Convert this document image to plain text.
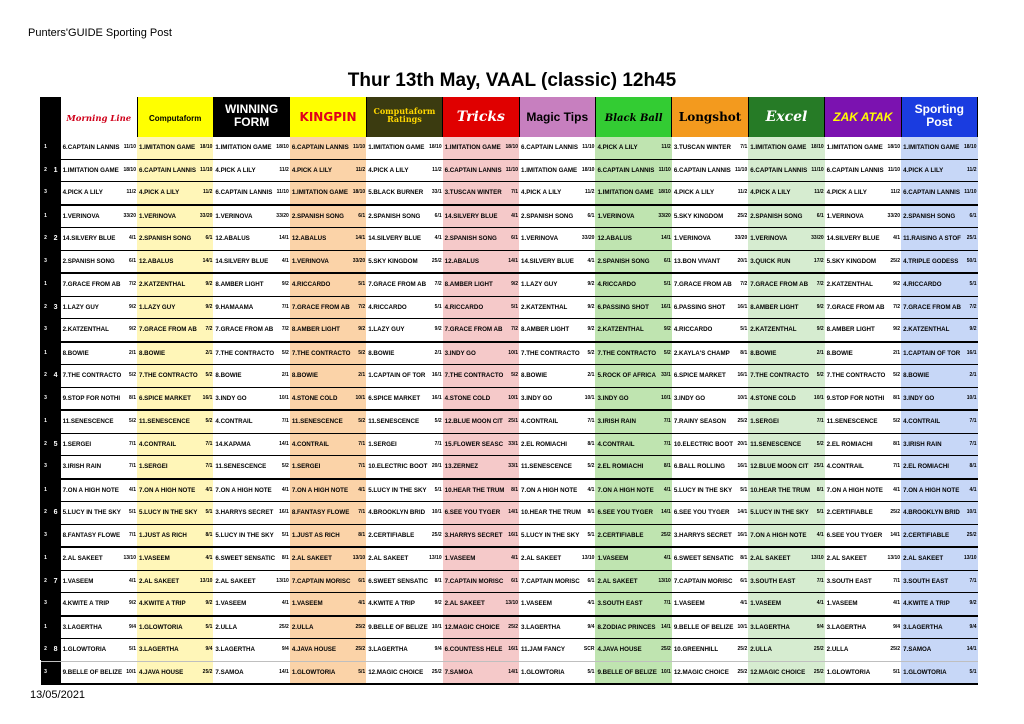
Punters'GUIDE Sporting Post
Thur 13th May, VAAL (classic) 12h45
		Morning Line	Computaform	WINNING FORM	KINGPIN	Computaform Ratings	Tricks	Magic Tips	Black Ball	Longshot	Excel	ZAK ATAK	Sporting Post
1		6.CAPTAIN LANNIS 11/10	1.IMITATION GAME 18/10	1.IMITATION GAME 18/10	6.CAPTAIN LANNIS 11/10	1.IMITATION GAME 18/10	1.IMITATION GAME 18/10	6.CAPTAIN LANNIS 11/10	4.PICK A LILY 11/2	3.TUSCAN WINTER 7/1	1.IMITATION GAME 18/10	1.IMITATION GAME 18/10	1.IMITATION GAME 18/10

2	1	1.IMITATION GAME 18/10	6.CAPTAIN LANNIS 11/10	4.PICK A LILY 11/2	4.PICK A LILY 11/2	4.PICK A LILY 11/2	6.CAPTAIN LANNIS 11/10	1.IMITATION GAME 18/10	6.CAPTAIN LANNIS 11/10	6.CAPTAIN LANNIS 11/10	6.CAPTAIN LANNIS 11/10	6.CAPTAIN LANNIS 11/10	4.PICK A LILY 11/2

3		4.PICK A LILY 11/2	4.PICK A LILY 11/2	6.CAPTAIN LANNIS 11/10	1.IMITATION GAME 18/10	5.BLACK BURNER 33/1	3.TUSCAN WINTER 7/1	4.PICK A LILY 11/2	1.IMITATION GAME 18/10	4.PICK A LILY 11/2	4.PICK A LILY 11/2	4.PICK A LILY 11/2	6.CAPTAIN LANNIS 11/10

1		1.VERINOVA 33/20	1.VERINOVA 33/20	1.VERINOVA 33/20	2.SPANISH SONG 6/1	2.SPANISH SONG 6/1	14.SILVERY BLUE 4/1	2.SPANISH SONG 6/1	1.VERINOVA 33/20	5.SKY KINGDOM 25/2	2.SPANISH SONG 6/1	1.VERINOVA 33/20	2.SPANISH SONG 6/1

2	2	14.SILVERY BLUE 4/1	2.SPANISH SONG 6/1	12.ABALUS 14/1	12.ABALUS 14/1	14.SILVERY BLUE 4/1	2.SPANISH SONG 6/1	1.VERINOVA 33/20	12.ABALUS 14/1	1.VERINOVA 33/20	1.VERINOVA 33/20	14.SILVERY BLUE 4/1	11.RAISING A STOF 25/1

3		2.SPANISH SONG 6/1	12.ABALUS 14/1	14.SILVERY BLUE 4/1	1.VERINOVA 33/20	5.SKY KINGDOM 25/2	12.ABALUS 14/1	14.SILVERY BLUE 4/1	2.SPANISH SONG 6/1	13.BON VIVANT 20/1	3.QUICK RUN 17/2	5.SKY KINGDOM 25/2	4.TRIPLE GODESS 50/1

1		7.GRACE FROM AB 7/2	2.KATZENTHAL 9/2	8.AMBER LIGHT 9/2	4.RICCARDO 5/1	7.GRACE FROM AB 7/2	8.AMBER LIGHT 9/2	1.LAZY GUY 9/2	4.RICCARDO 5/1	7.GRACE FROM AB 7/2	7.GRACE FROM AB 7/2	2.KATZENTHAL 9/2	4.RICCARDO 5/1

2	3	1.LAZY GUY 9/2	1.LAZY GUY 9/2	9.HAMAAMA 7/1	7.GRACE FROM AB 7/2	4.RICCARDO 5/1	4.RICCARDO 5/1	2.KATZENTHAL 9/2	6.PASSING SHOT 16/1	6.PASSING SHOT 16/1	8.AMBER LIGHT 9/2	7.GRACE FROM AB 7/2	7.GRACE FROM AB 7/2

3		2.KATZENTHAL 9/2	7.GRACE FROM AB 7/2	7.GRACE FROM AB 7/2	8.AMBER LIGHT 9/2	1.LAZY GUY 9/2	7.GRACE FROM AB 7/2	8.AMBER LIGHT 9/2	2.KATZENTHAL 9/2	4.RICCARDO 5/1	2.KATZENTHAL 9/2	8.AMBER LIGHT 9/2	2.KATZENTHAL 9/2

1		8.BOWIE 2/1	8.BOWIE 2/1	7.THE CONTRACTO 5/2	7.THE CONTRACTO 5/2	8.BOWIE 2/1	3.INDY GO 10/1	7.THE CONTRACTO 5/2	7.THE CONTRACTO 5/2	2.KAYLA'S CHAMP 8/1	8.BOWIE 2/1	8.BOWIE 2/1	1.CAPTAIN OF TOR 16/1

2	4	7.THE CONTRACTO 5/2	7.THE CONTRACTO 5/2	8.BOWIE 2/1	8.BOWIE 2/1	1.CAPTAIN OF TOR 16/1	7.THE CONTRACTO 5/2	8.BOWIE 2/1	5.ROCK OF AFRICA 33/1	6.SPICE MARKET 16/1	7.THE CONTRACTO 5/2	7.THE CONTRACTO 5/2	8.BOWIE 2/1

3		9.STOP FOR NOTHI 8/1	6.SPICE MARKET 16/1	3.INDY GO 10/1	4.STONE COLD 10/1	6.SPICE MARKET 16/1	4.STONE COLD 10/1	3.INDY GO 10/1	3.INDY GO 10/1	3.INDY GO 10/1	4.STONE COLD 10/1	9.STOP FOR NOTHI 8/1	3.INDY GO 10/1

1		11.SENESCENCE 5/2	11.SENESCENCE 5/2	4.CONTRAIL 7/1	11.SENESCENCE 5/2	11.SENESCENCE 5/2	12.BLUE MOON CIT 25/1	4.CONTRAIL 7/1	3.IRISH RAIN 7/1	7.RAINY SEASON 25/2	1.SERGEI 7/1	11.SENESCENCE 5/2	4.CONTRAIL 7/1

2	5	1.SERGEI 7/1	4.CONTRAIL 7/1	14.KAPAMA 14/1	4.CONTRAIL 7/1	1.SERGEI 7/1	15.FLOWER SEASC 33/1	2.EL ROMIACHI 8/1	4.CONTRAIL 7/1	10.ELECTRIC BOOT 20/1	11.SENESCENCE 5/2	2.EL ROMIACHI 8/1	3.IRISH RAIN 7/1

3		3.IRISH RAIN 7/1	1.SERGEI 7/1	11.SENESCENCE 5/2	1.SERGEI 7/1	10.ELECTRIC BOOT 20/1	13.ZERNEZ 33/1	11.SENESCENCE 5/2	2.EL ROMIACHI 8/1	6.BALL ROLLING 16/1	12.BLUE MOON CIT 25/1	4.CONTRAIL 7/1	2.EL ROMIACHI 8/1

1		7.ON A HIGH NOTE 4/1	7.ON A HIGH NOTE 4/1	7.ON A HIGH NOTE 4/1	7.ON A HIGH NOTE 4/1	5.LUCY IN THE SKY 5/1	10.HEAR THE TRUM 8/1	7.ON A HIGH NOTE 4/1	7.ON A HIGH NOTE 4/1	5.LUCY IN THE SKY 5/1	10.HEAR THE TRUM 8/1	7.ON A HIGH NOTE 4/1	7.ON A HIGH NOTE 4/1

2	6	5.LUCY IN THE SKY 5/1	5.LUCY IN THE SKY 5/1	3.HARRYS SECRET 16/1	8.FANTASY FLOWE 7/1	4.BROOKLYN BRID 10/1	6.SEE YOU TYGER 14/1	10.HEAR THE TRUM 8/1	6.SEE YOU TYGER 14/1	6.SEE YOU TYGER 14/1	5.LUCY IN THE SKY 5/1	2.CERTIFIABLE 25/2	4.BROOKLYN BRID 10/1

3		8.FANTASY FLOWE 7/1	1.JUST AS RICH 8/1	5.LUCY IN THE SKY 5/1	1.JUST AS RICH 8/1	2.CERTIFIABLE 25/2	3.HARRYS SECRET 16/1	5.LUCY IN THE SKY 5/1	2.CERTIFIABLE 25/2	3.HARRYS SECRET 16/1	7.ON A HIGH NOTE 4/1	6.SEE YOU TYGER 14/1	2.CERTIFIABLE 25/2

1		2.AL SAKEET 13/10	1.VASEEM 4/1	6.SWEET SENSATIC 8/1	2.AL SAKEET 13/10	2.AL SAKEET 13/10	1.VASEEM 4/1	2.AL SAKEET 13/10	1.VASEEM 4/1	6.SWEET SENSATIC 8/1	2.AL SAKEET 13/10	2.AL SAKEET 13/10	2.AL SAKEET 13/10

2	7	1.VASEEM 4/1	2.AL SAKEET 13/10	2.AL SAKEET 13/10	7.CAPTAIN MORISC 6/1	6.SWEET SENSATIC 8/1	7.CAPTAIN MORISC 6/1	7.CAPTAIN MORISC 6/1	2.AL SAKEET 13/10	7.CAPTAIN MORISC 6/1	3.SOUTH EAST 7/1	3.SOUTH EAST 7/1	3.SOUTH EAST 7/1

3		4.KWITE A TRIP 9/2	4.KWITE A TRIP 9/2	1.VASEEM 4/1	1.VASEEM 4/1	4.KWITE A TRIP 9/2	2.AL SAKEET 13/10	1.VASEEM 4/1	3.SOUTH EAST 7/1	1.VASEEM 4/1	1.VASEEM 4/1	1.VASEEM 4/1	4.KWITE A TRIP 9/2

1		3.LAGERTHA 9/4	1.GLOWTORIA 5/1	2.ULLA 25/2	2.ULLA 25/2	9.BELLE OF BELIZE 10/1	12.MAGIC CHOICE 25/2	3.LAGERTHA 9/4	8.ZODIAC PRINCES 14/1	9.BELLE OF BELIZE 10/1	3.LAGERTHA 9/4	3.LAGERTHA 9/4	3.LAGERTHA 9/4

2	8	1.GLOWTORIA 5/1	3.LAGERTHA 9/4	3.LAGERTHA 9/4	4.JAVA HOUSE 25/2	3.LAGERTHA 9/4	6.COUNTESS HELE 16/1	11.JAM FANCY SCR	4.JAVA HOUSE 25/2	10.GREENHILL 25/2	2.ULLA 25/2	2.ULLA 25/2	7.SAMOA 14/1

3		9.BELLE OF BELIZE 10/1	4.JAVA HOUSE 25/2	7.SAMOA 14/1	1.GLOWTORIA 5/1	12.MAGIC CHOICE 25/2	7.SAMOA 14/1	1.GLOWTORIA 5/1	9.BELLE OF BELIZE 10/1	12.MAGIC CHOICE 25/2	12.MAGIC CHOICE 25/2	1.GLOWTORIA 5/1	1.GLOWTORIA 5/1
13/05/2021
